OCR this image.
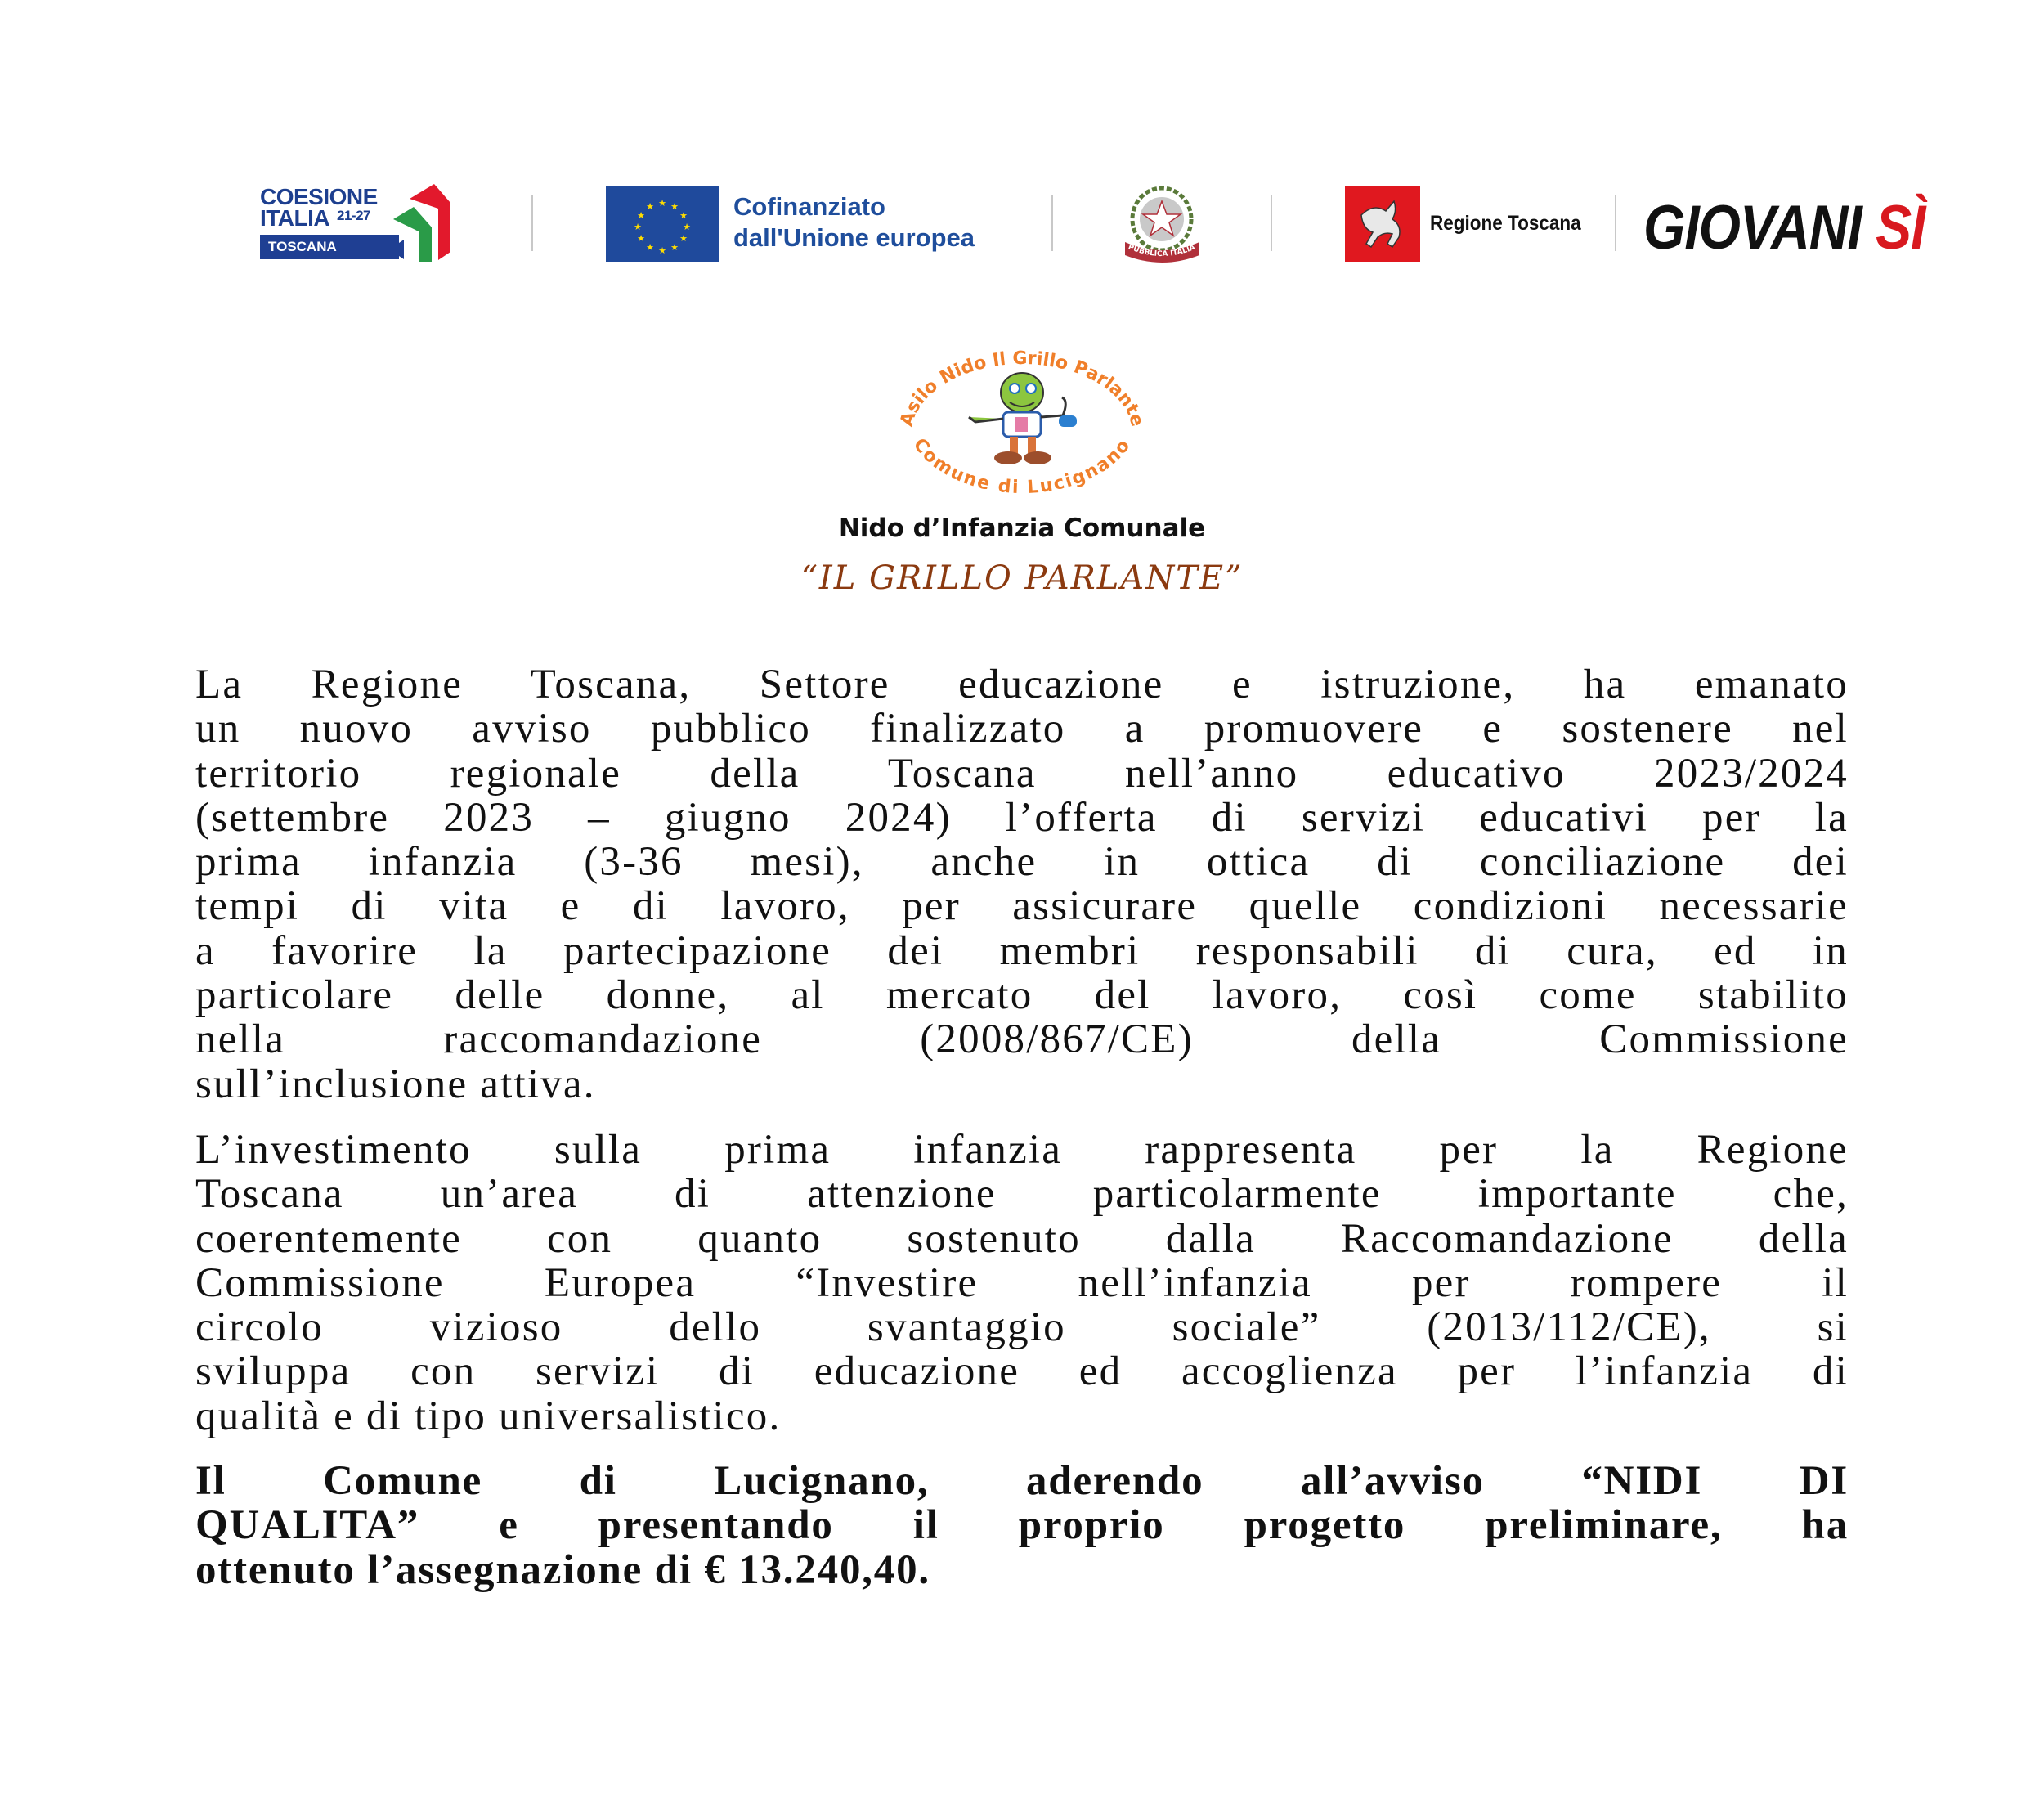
COESIONE
ITALIA 21-27
TOSCANA
★ ★
★
★
★
★
★
★
★
★
★
★	Cofinanziato
dall'Unione europea	PUBBLICA ITALIA
Regione Toscana GIOVANI SÌ
Asilo Nido Il Grillo Parlante
Comune di Lucignano
Nido d’Infanzia Comunale
“IL GRILLO PARLANTE”
La Regione Toscana, Settore educazione e istruzione, ha emanato
un nuovo avviso pubblico finalizzato a promuovere e sostenere nel
territorio regionale della Toscana nell’anno educativo 2023/2024
(settembre 2023 – giugno 2024) l’offerta di servizi educativi per la
prima infanzia (3-36 mesi), anche in ottica di conciliazione dei
tempi di vita e di lavoro, per assicurare quelle condizioni necessarie
a favorire la partecipazione dei membri responsabili di cura, ed in
particolare delle donne, al mercato del lavoro, così come stabilito
nella raccomandazione (2008/867/CE) della Commissione
sull’inclusione attiva.
L’investimento sulla prima infanzia rappresenta per la Regione
Toscana un’area di attenzione particolarmente importante che,
coerentemente con quanto sostenuto dalla Raccomandazione della
Commissione Europea “Investire nell’infanzia per rompere il
circolo vizioso dello svantaggio sociale” (2013/112/CE), si
sviluppa con servizi di educazione ed accoglienza per l’infanzia di
qualità e di tipo universalistico.
Il Comune di Lucignano, aderendo all’avviso “NIDI DI
QUALITA” e presentando il proprio progetto preliminare, ha
ottenuto l’assegnazione di € 13.240,40.
